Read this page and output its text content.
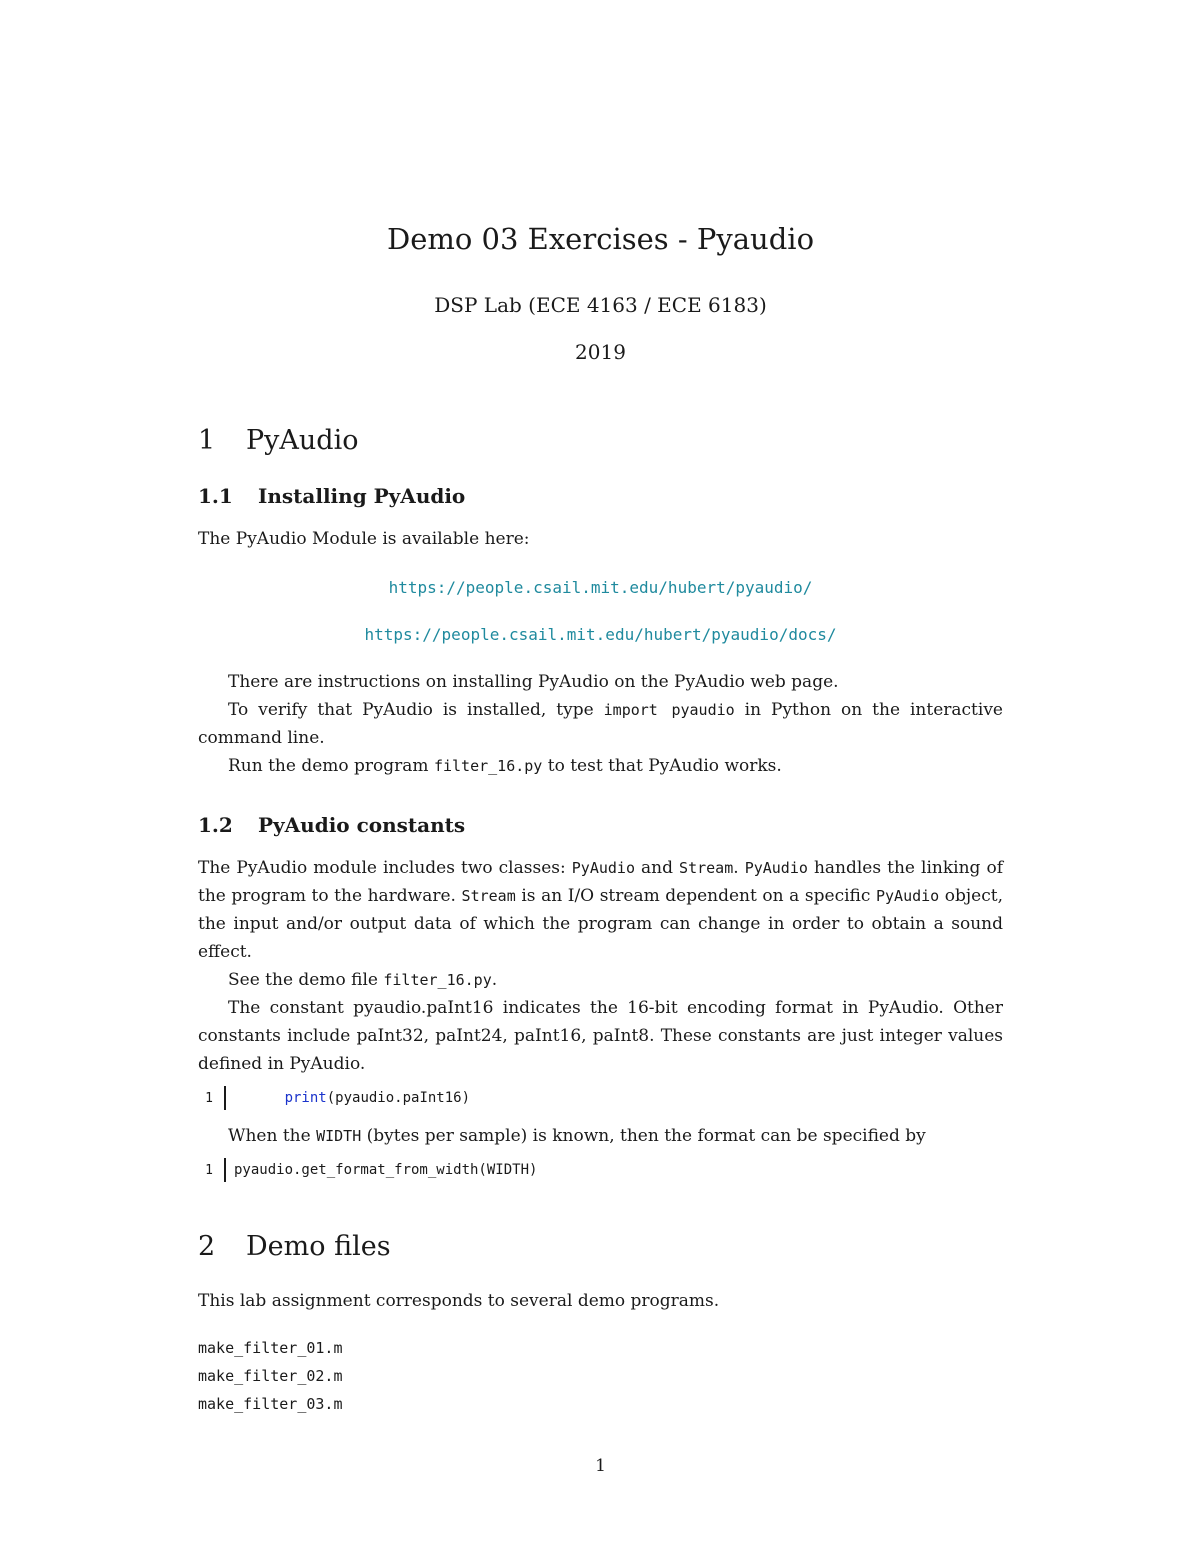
Demo 03 Exercises - Pyaudio

DSP Lab (ECE 4163 / ECE 6183)

2019

1 PyAudio
1.1 Installing PyAudio

The PyAudio Module is available here:

https://people.csail.mit.edu/hubert/pyaudio/

https://people.csail.mit.edu/hubert/pyaudio/docs/

There are instructions on installing PyAudio on the PyAudio web page.

To verify that PyAudio is installed, type import pyaudio in Python on the interactive command line.

Run the demo program filter_16.py to test that PyAudio works.

1.2 PyAudio constants

The PyAudio module includes two classes: PyAudio and Stream. PyAudio handles the linking of the program to the hardware. Stream is an I/O stream dependent on a specific PyAudio object, the input and/or output data of which the program can change in order to obtain a sound effect.

See the demo file filter_16.py.

The constant pyaudio.paInt16 indicates the 16-bit encoding format in PyAudio. Other constants include paInt32, paInt24, paInt16, paInt8. These constants are just integer values defined in PyAudio.

1	print(pyaudio.paInt16)

When the WIDTH (bytes per sample) is known, then the format can be specified by

1 pyaudio.get_format_from_width(WIDTH)
2 Demo files

This lab assignment corresponds to several demo programs.

make_filter_01.m
make_filter_02.m
make_filter_03.m

1
